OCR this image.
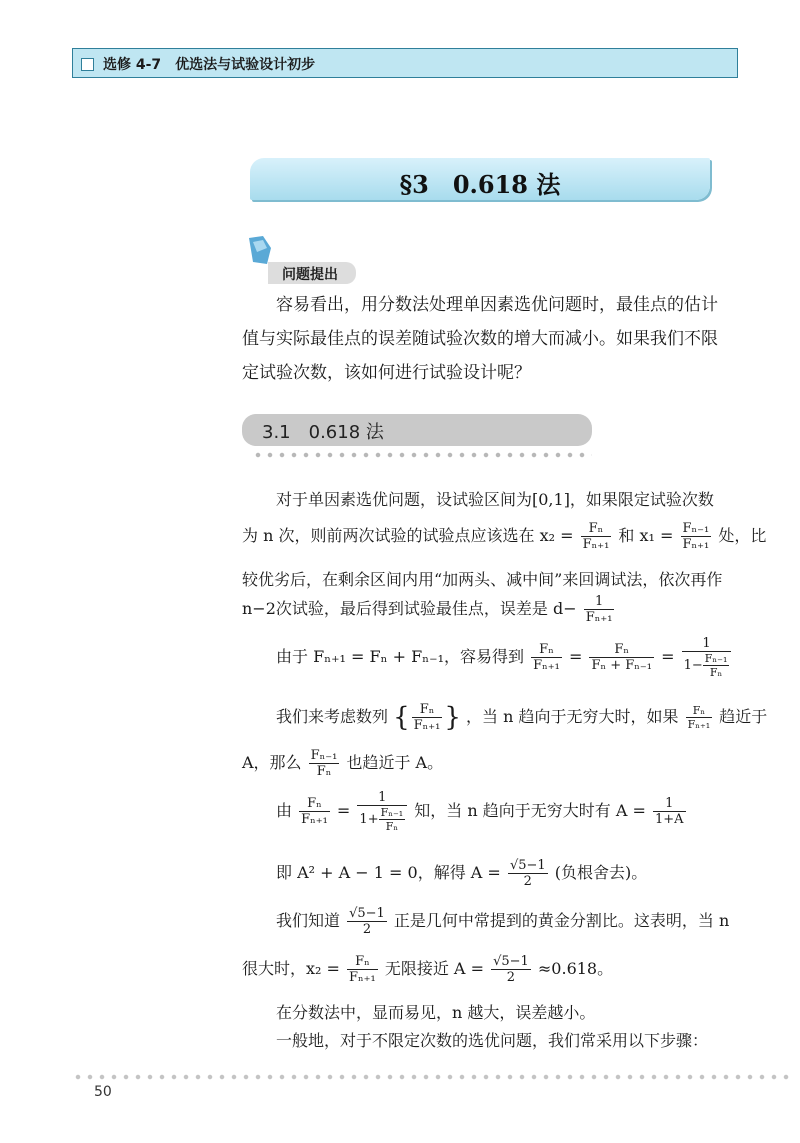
选修 4-7　优选法与试验设计初步
§3　0.618 法
问题提出
容易看出，用分数法处理单因素选优问题时，最佳点的估计值与实际最佳点的误差随试验次数的增大而减小。如果我们不限定试验次数，该如何进行试验设计呢？
3.1　0.618 法
对于单因素选优问题，设试验区间为[0,1]，如果限定试验次数
为 n 次，则前两次试验的试验点应该选在 $x_2 = \frac{\text{Fₙ}}{\text{Fₙ₊₁}}$ 和 $x_1 = \frac{\text{Fₙ₋₁}}{\text{Fₙ₊₁}}$ 处，比
较优劣后，在剩余区间内用“加两头、减中间”来回调试法，依次再作
n−2次试验，最后得到试验最佳点，误差是 $d- \frac{1}{\text{Fₙ₊₁}}$
由于 Fₙ₊₁ = Fₙ + Fₙ₋₁，容易得到 $\frac{\text{Fₙ}}{\text{Fₙ₊₁}} = \frac{\text{Fₙ}}{\text{Fₙ + Fₙ₋₁}} = \frac{1}{1- \frac{\text{Fₙ₋₁}}{\text{Fₙ}}}$
我们来考虑数列 { $\frac{\text{Fₙ}}{\text{Fₙ₊₁}}$ } ，当 n 趋向于无穷大时，如果 $\frac{\text{Fₙ}}{\text{Fₙ₊₁}}$ 趋近于
A，那么 $\frac{\text{Fₙ₋₁}}{\text{Fₙ}}$ 也趋近于 A。
由 $\frac{\text{Fₙ}}{\text{Fₙ₊₁}} = \frac{1}{1+ \frac{\text{Fₙ₋₁}}{\text{Fₙ}}}$ 知，当 n 趋向于无穷大时有 $A = \frac{1}{1+A}$
即 A² + A − 1 = 0，解得 $A = \frac{√5-1}{2}$ (负根舍去)。
我们知道 $\frac{√5-1}{2}$ 正是几何中常提到的黄金分割比。这表明，当 n
很大时，$x_2 = \frac{\text{Fₙ}}{\text{Fₙ₊₁}}$ 无限接近 $A = \frac{√5-1}{2} \approx 0.618$。
在分数法中，显而易见，n 越大，误差越小。
一般地，对于不限定次数的选优问题，我们常采用以下步骤：
50
